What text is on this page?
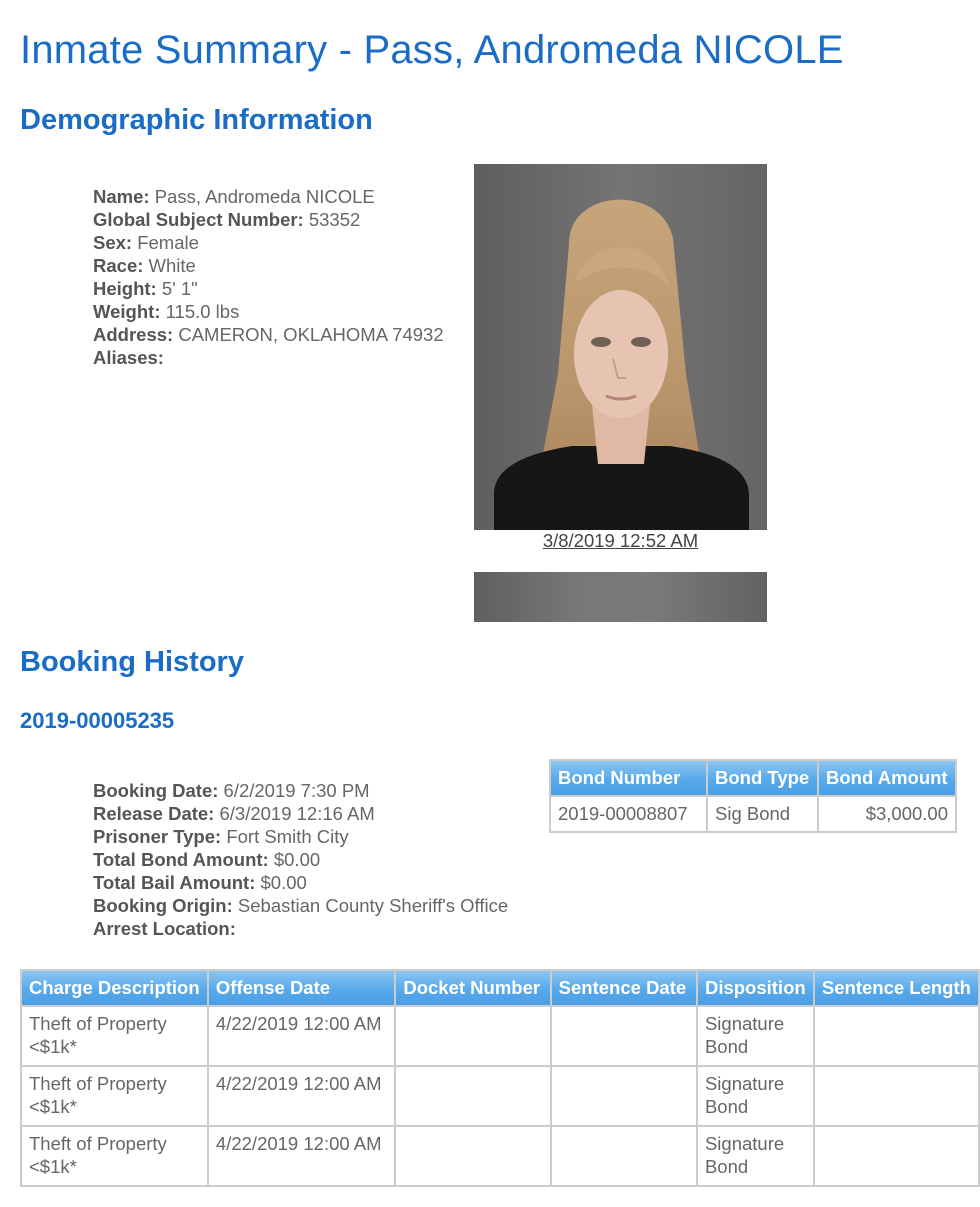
Inmate Summary - Pass, Andromeda NICOLE
Demographic Information
Name: Pass, Andromeda NICOLE
Global Subject Number: 53352
Sex: Female
Race: White
Height: 5' 1"
Weight: 115.0 lbs
Address: CAMERON, OKLAHOMA 74932
Aliases:
3/8/2019 12:52 AM
Booking History
2019-00005235
Booking Date: 6/2/2019 7:30 PM
Release Date: 6/3/2019 12:16 AM
Prisoner Type: Fort Smith City
Total Bond Amount: $0.00
Total Bail Amount: $0.00
Booking Origin: Sebastian County Sheriff's Office
Arrest Location:
Bond Number	Bond Type	Bond Amount
2019-00008807	Sig Bond	$3,000.00
Charge Description	Offense Date	Docket Number	Sentence Date	Disposition	Sentence Length
Theft of Property <$1k*	4/22/2019 12:00 AM			Signature Bond	
Theft of Property <$1k*	4/22/2019 12:00 AM			Signature Bond	
Theft of Property <$1k*	4/22/2019 12:00 AM			Signature Bond	
